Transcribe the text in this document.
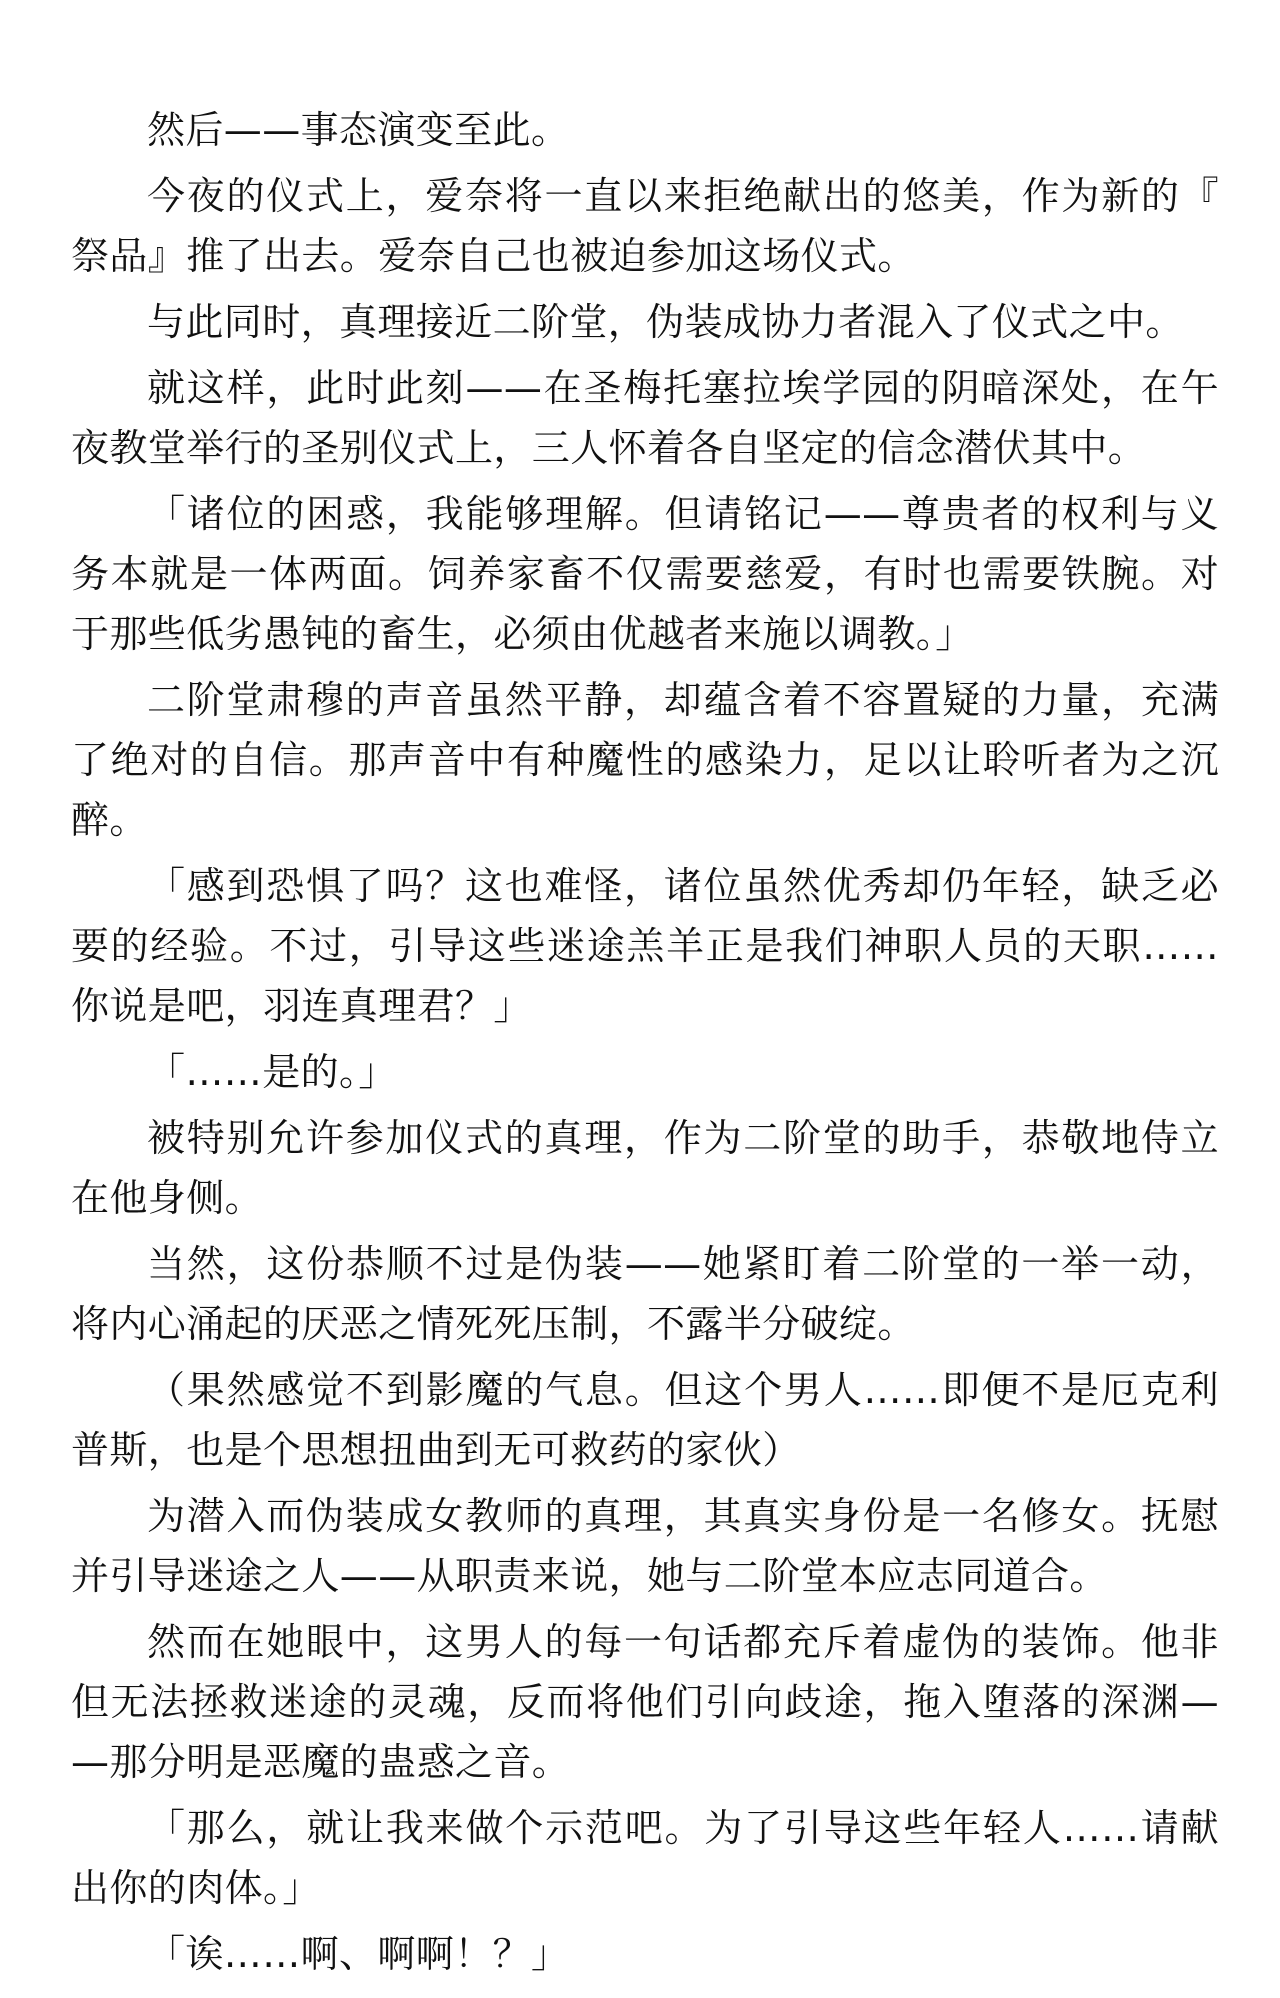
然后——事态演变至此。

今夜的仪式上，爱奈将一直以来拒绝献出的悠美，作为新的『祭品』推了出去。爱奈自己也被迫参加这场仪式。

与此同时，真理接近二阶堂，伪装成协力者混入了仪式之中。

就这样，此时此刻——在圣梅托塞拉埃学园的阴暗深处，在午夜教堂举行的圣别仪式上，三人怀着各自坚定的信念潜伏其中。

「诸位的困惑，我能够理解。但请铭记——尊贵者的权利与义务本就是一体两面。饲养家畜不仅需要慈爱，有时也需要铁腕。对于那些低劣愚钝的畜生，必须由优越者来施以调教。」

二阶堂肃穆的声音虽然平静，却蕴含着不容置疑的力量，充满了绝对的自信。那声音中有种魔性的感染力，足以让聆听者为之沉醉。

「感到恐惧了吗？这也难怪，诸位虽然优秀却仍年轻，缺乏必要的经验。不过，引导这些迷途羔羊正是我们神职人员的天职……你说是吧，羽连真理君？」

「……是的。」

被特别允许参加仪式的真理，作为二阶堂的助手，恭敬地侍立在他身侧。

当然，这份恭顺不过是伪装——她紧盯着二阶堂的一举一动，将内心涌起的厌恶之情死死压制，不露半分破绽。

（果然感觉不到影魔的气息。但这个男人……即便不是厄克利普斯，也是个思想扭曲到无可救药的家伙）

为潜入而伪装成女教师的真理，其真实身份是一名修女。抚慰并引导迷途之人——从职责来说，她与二阶堂本应志同道合。

然而在她眼中，这男人的每一句话都充斥着虚伪的装饰。他非但无法拯救迷途的灵魂，反而将他们引向歧途，拖入堕落的深渊——那分明是恶魔的蛊惑之音。

「那么，就让我来做个示范吧。为了引导这些年轻人……请献出你的肉体。」

「诶……啊、啊啊！？」
